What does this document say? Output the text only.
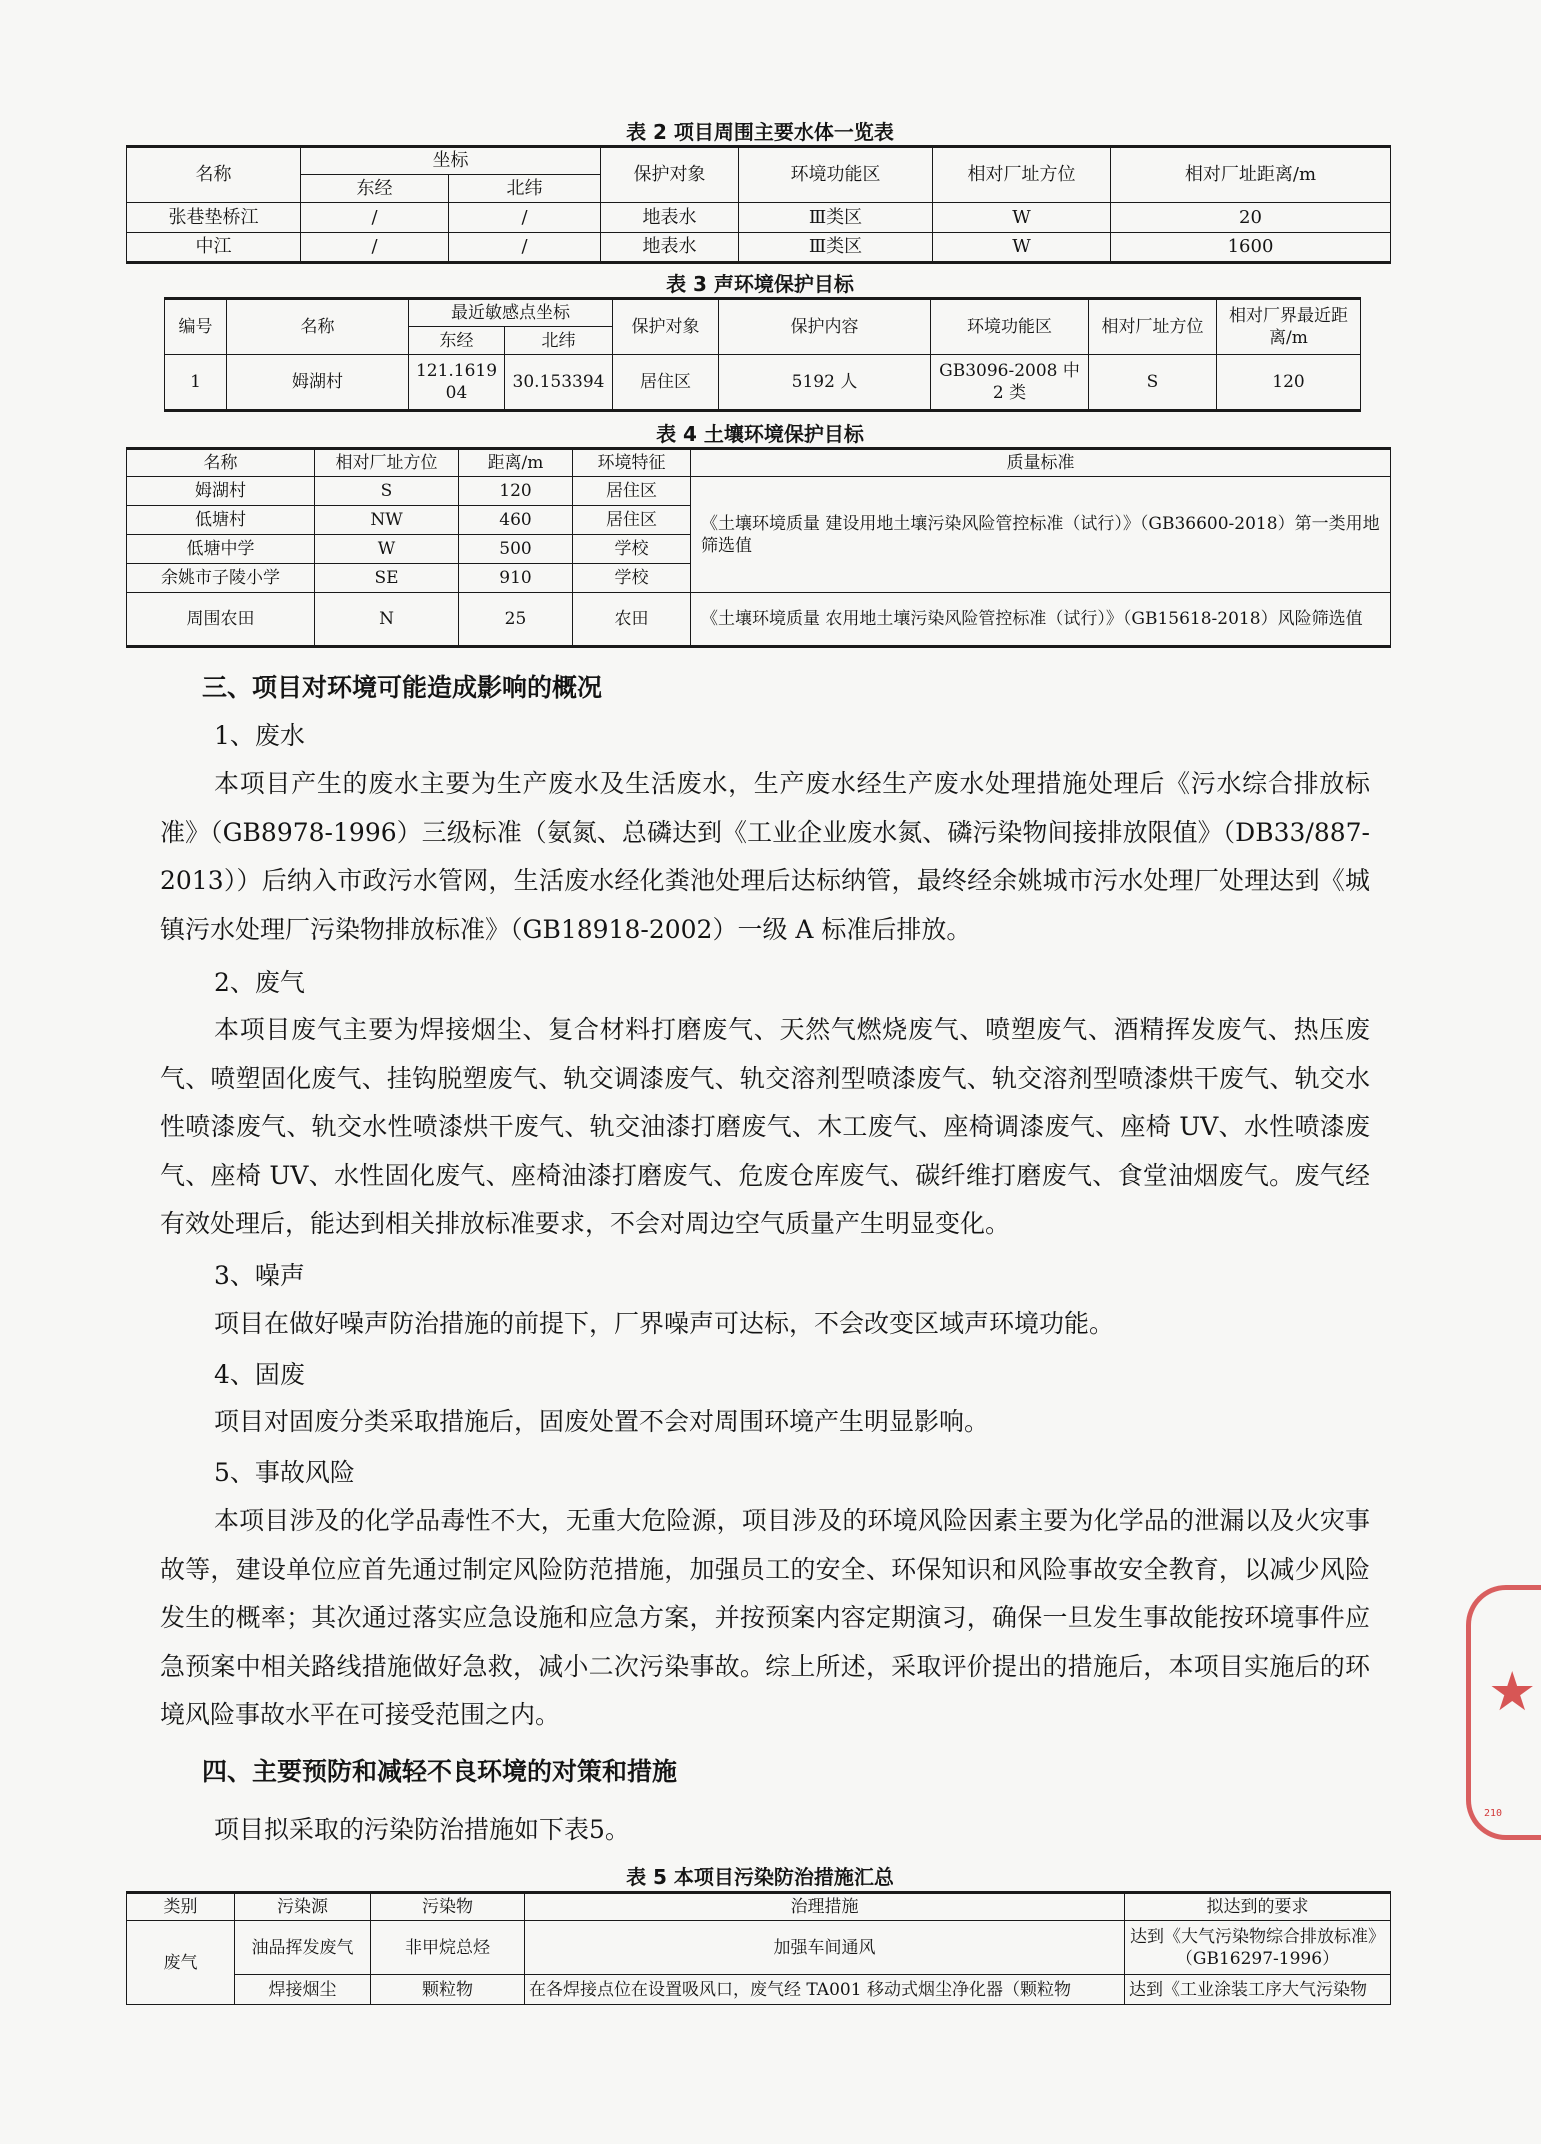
表 2 项目周围主要水体一览表
名称	坐标		保护对象	环境功能区	相对厂址方位	相对厂址距离/m
	东经	北纬				
张巷垫桥江	/	/	地表水	Ⅲ类区	W	20
中江	/	/	地表水	Ⅲ类区	W	1600
表 3 声环境保护目标
编号	名称	最近敏感点坐标		保护对象	保护内容	环境功能区	相对厂址方位	相对厂界最近距离/m
		东经	北纬					
1	姆湖村	121.161904	30.153394	居住区	5192 人	GB3096-2008 中 2 类	S	120
表 4 土壤环境保护目标
名称	相对厂址方位	距离/m	环境特征	质量标准
姆湖村	S	120	居住区	《土壤环境质量 建设用地土壤污染风险管控标准（试行）》（GB36600-2018）第一类用地筛选值
低塘村	NW	460	居住区	
低塘中学	W	500	学校	
余姚市子陵小学	SE	910	学校	
周围农田	N	25	农田	《土壤环境质量 农用地土壤污染风险管控标准（试行）》（GB15618-2018）风险筛选值
三、项目对环境可能造成影响的概况
1、废水
本项目产生的废水主要为生产废水及生活废水，生产废水经生产废水处理措施处理后《污水综合排放标准》（GB8978-1996）三级标准（氨氮、总磷达到《工业企业废水氮、磷污染物间接排放限值》（DB33/887-2013））后纳入市政污水管网，生活废水经化粪池处理后达标纳管，最终经余姚城市污水处理厂处理达到《城镇污水处理厂污染物排放标准》（GB18918-2002）一级 A 标准后排放。
2、废气
本项目废气主要为焊接烟尘、复合材料打磨废气、天然气燃烧废气、喷塑废气、酒精挥发废气、热压废气、喷塑固化废气、挂钩脱塑废气、轨交调漆废气、轨交溶剂型喷漆废气、轨交溶剂型喷漆烘干废气、轨交水性喷漆废气、轨交水性喷漆烘干废气、轨交油漆打磨废气、木工废气、座椅调漆废气、座椅 UV、水性喷漆废气、座椅 UV、水性固化废气、座椅油漆打磨废气、危废仓库废气、碳纤维打磨废气、食堂油烟废气。废气经有效处理后，能达到相关排放标准要求，不会对周边空气质量产生明显变化。
3、噪声
项目在做好噪声防治措施的前提下，厂界噪声可达标，不会改变区域声环境功能。
4、固废
项目对固废分类采取措施后，固废处置不会对周围环境产生明显影响。
5、事故风险
本项目涉及的化学品毒性不大，无重大危险源，项目涉及的环境风险因素主要为化学品的泄漏以及火灾事故等，建设单位应首先通过制定风险防范措施，加强员工的安全、环保知识和风险事故安全教育，以减少风险发生的概率；其次通过落实应急设施和应急方案，并按预案内容定期演习，确保一旦发生事故能按环境事件应急预案中相关路线措施做好急救，减小二次污染事故。综上所述，采取评价提出的措施后，本项目实施后的环境风险事故水平在可接受范围之内。
四、主要预防和减轻不良环境的对策和措施
项目拟采取的污染防治措施如下表5。
表 5 本项目污染防治措施汇总
类别	污染源	污染物	治理措施	拟达到的要求
废气	油品挥发废气	非甲烷总烃	加强车间通风	达到《大气污染物综合排放标准》（GB16297-1996）
	焊接烟尘	颗粒物	在各焊接点位在设置吸风口，废气经 TA001 移动式烟尘净化器（颗粒物	达到《工业涂装工序大气污染物
★
210
